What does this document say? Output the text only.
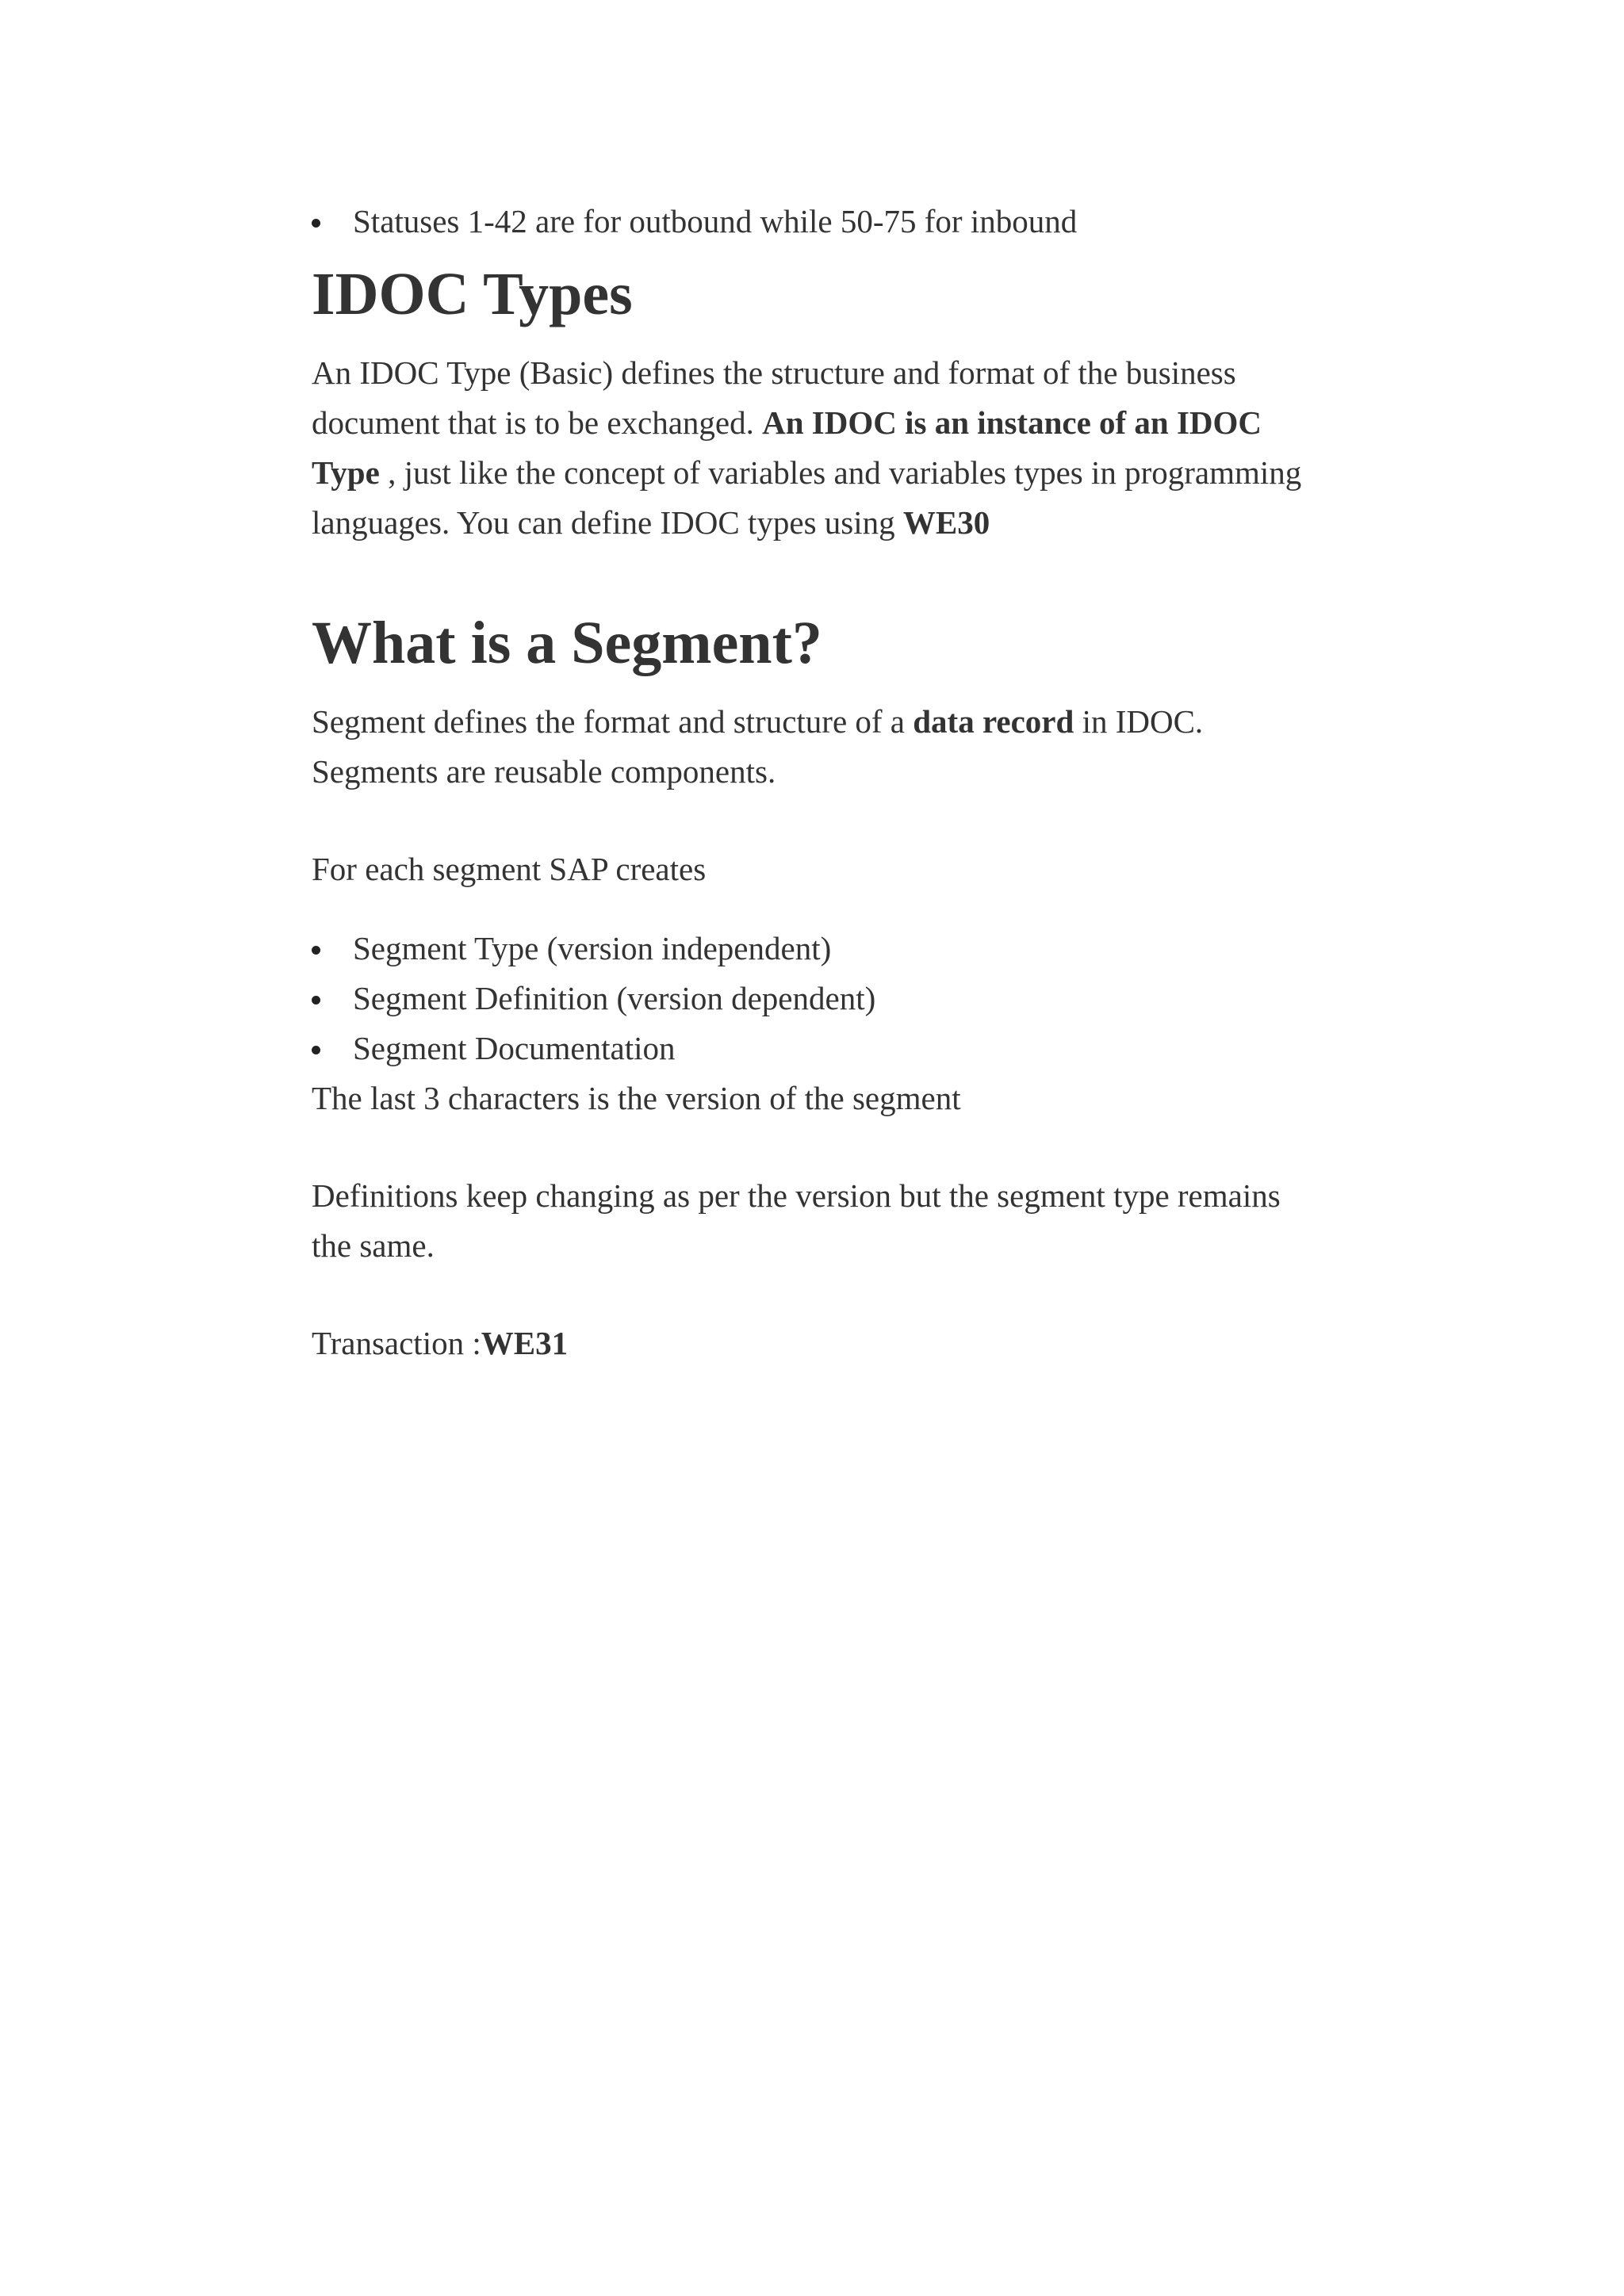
Statuses 1-42 are for outbound while 50-75 for inbound
IDOC Types

An IDOC Type (Basic) defines the structure and format of the business

document that is to be exchanged. An IDOC is an instance of an IDOC

Type , just like the concept of variables and variables types in programming

languages. You can define IDOC types using WE30

What is a Segment?

Segment defines the format and structure of a data record in IDOC.

Segments are reusable components.

For each segment SAP creates

Segment Type (version independent)
Segment Definition (version dependent)
Segment Documentation

The last 3 characters is the version of the segment

Definitions keep changing as per the version but the segment type remains

the same.

Transaction :WE31
